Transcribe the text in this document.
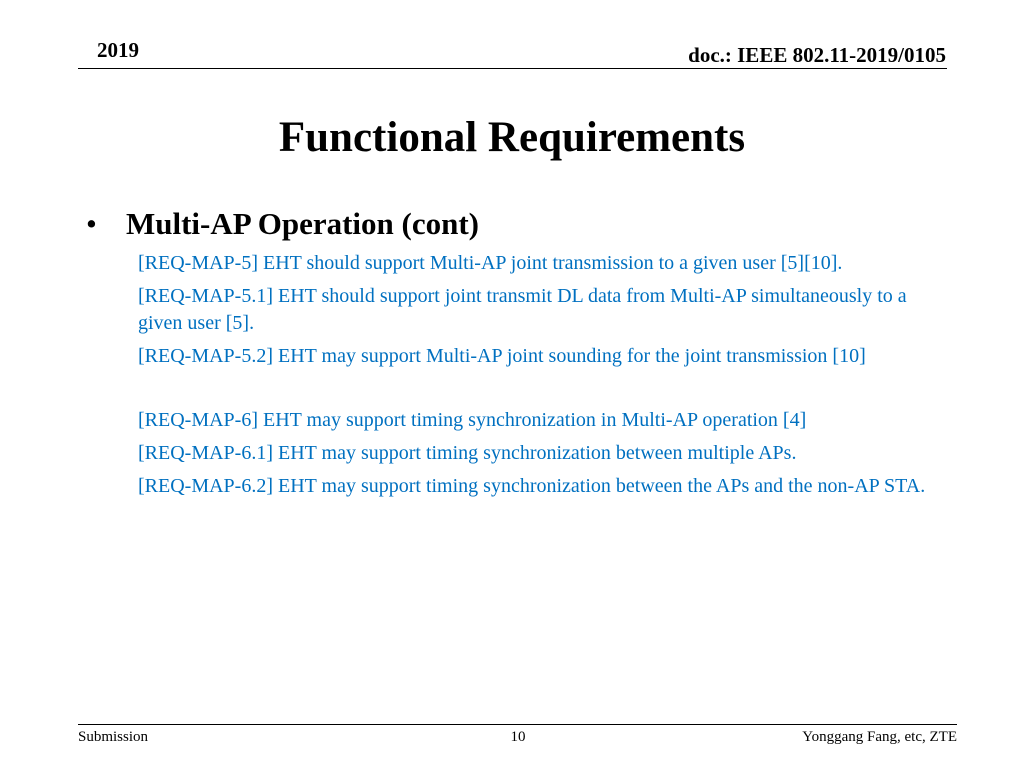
2019	doc.: IEEE 802.11-2019/0105
Functional Requirements
• Multi-AP Operation (cont)

[REQ-MAP-5] EHT should support Multi-AP joint transmission to a given user [5][10].

[REQ-MAP-5.1] EHT should support joint transmit DL data from Multi-AP simultaneously to a given user [5].

[REQ-MAP-5.2] EHT may support Multi-AP joint sounding for the joint transmission [10]

[REQ-MAP-6] EHT may support timing synchronization in Multi-AP operation [4]

[REQ-MAP-6.1] EHT may support timing synchronization between multiple APs.

[REQ-MAP-6.2] EHT may support timing synchronization between the APs and the non-AP STA.

Submission	10	Yonggang Fang, etc, ZTE
